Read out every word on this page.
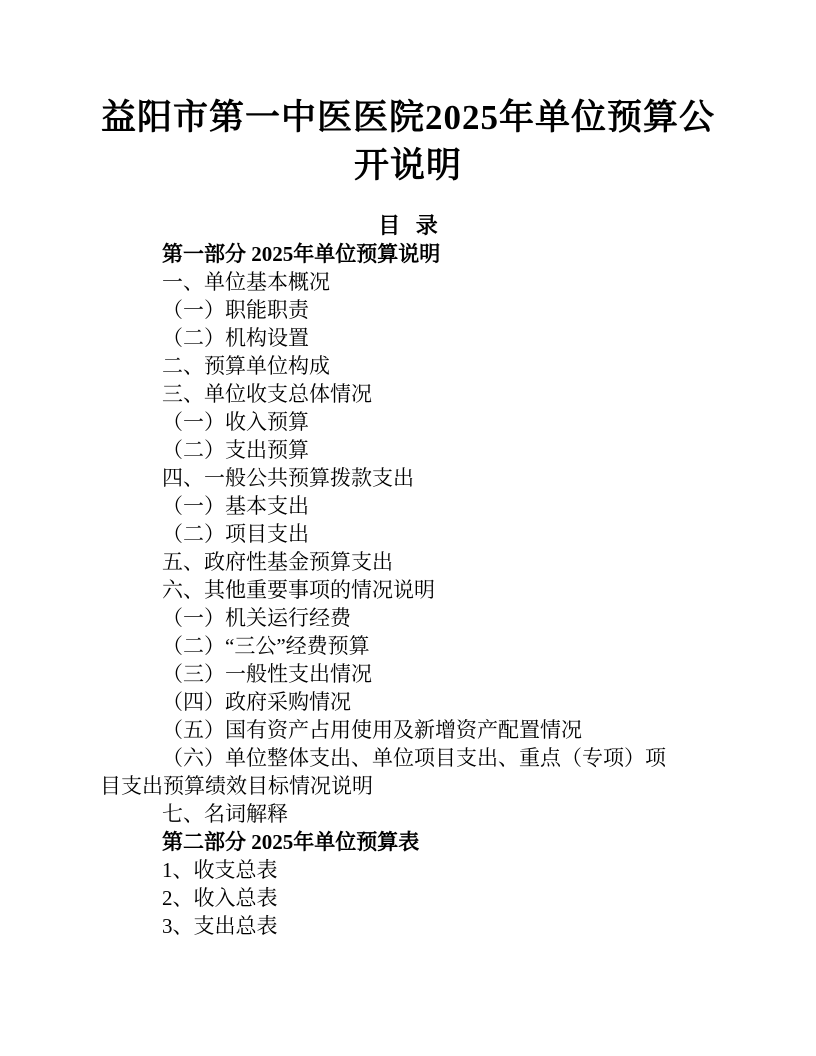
益阳市第一中医医院2025年单位预算公
开说明
目 录
第一部分 2025年单位预算说明
一、单位基本概况
（一）职能职责
（二）机构设置
二、预算单位构成
三、单位收支总体情况
（一）收入预算
（二）支出预算
四、一般公共预算拨款支出
（一）基本支出
（二）项目支出
五、政府性基金预算支出
六、其他重要事项的情况说明
（一）机关运行经费
（二）“三公”经费预算
（三）一般性支出情况
（四）政府采购情况
（五）国有资产占用使用及新增资产配置情况
（六）单位整体支出、单位项目支出、重点（专项）项
目支出预算绩效目标情况说明
七、名词解释
第二部分 2025年单位预算表
1、收支总表
2、收入总表
3、支出总表
